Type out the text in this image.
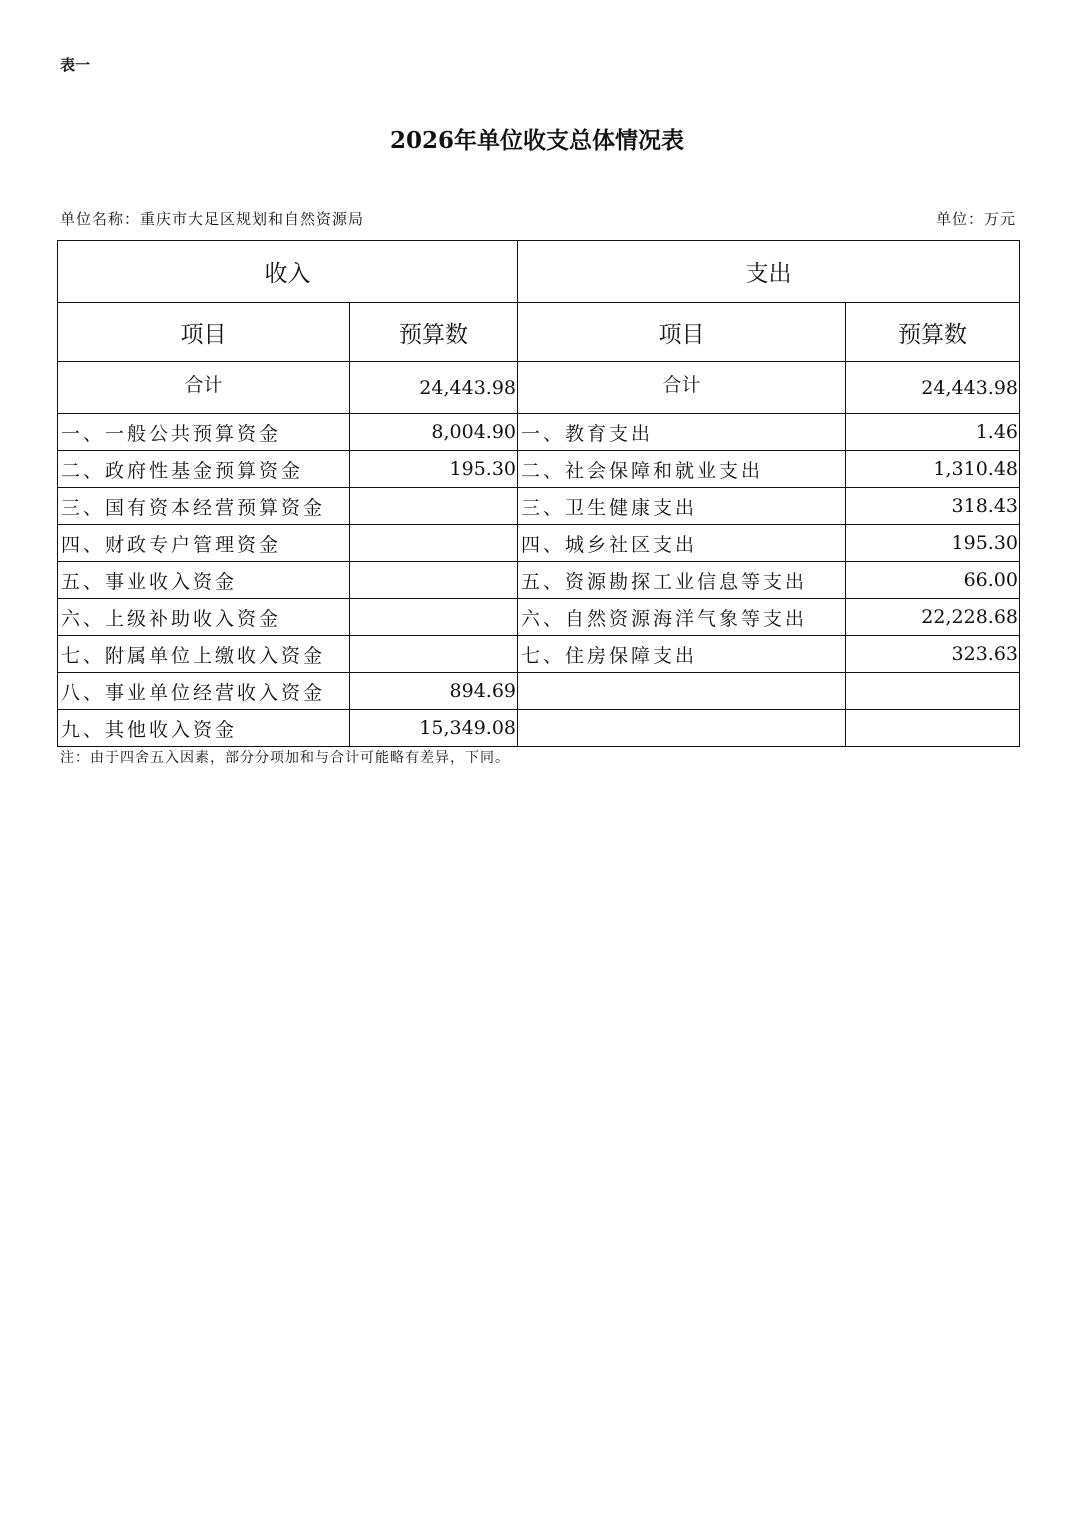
表一
2026年单位收支总体情况表
单位名称：重庆市大足区规划和自然资源局	单位：万元
收入		支出	
项目	预算数	项目	预算数
合计	24,443.98	合计	24,443.98
一、一般公共预算资金	8,004.90	一、教育支出	1.46
二、政府性基金预算资金	195.30	二、社会保障和就业支出	1,310.48
三、国有资本经营预算资金		三、卫生健康支出	318.43
四、财政专户管理资金		四、城乡社区支出	195.30
五、事业收入资金		五、资源勘探工业信息等支出	66.00
六、上级补助收入资金		六、自然资源海洋气象等支出	22,228.68
七、附属单位上缴收入资金		七、住房保障支出	323.63
八、事业单位经营收入资金	894.69		
九、其他收入资金	15,349.08		
注：由于四舍五入因素，部分分项加和与合计可能略有差异，下同。
